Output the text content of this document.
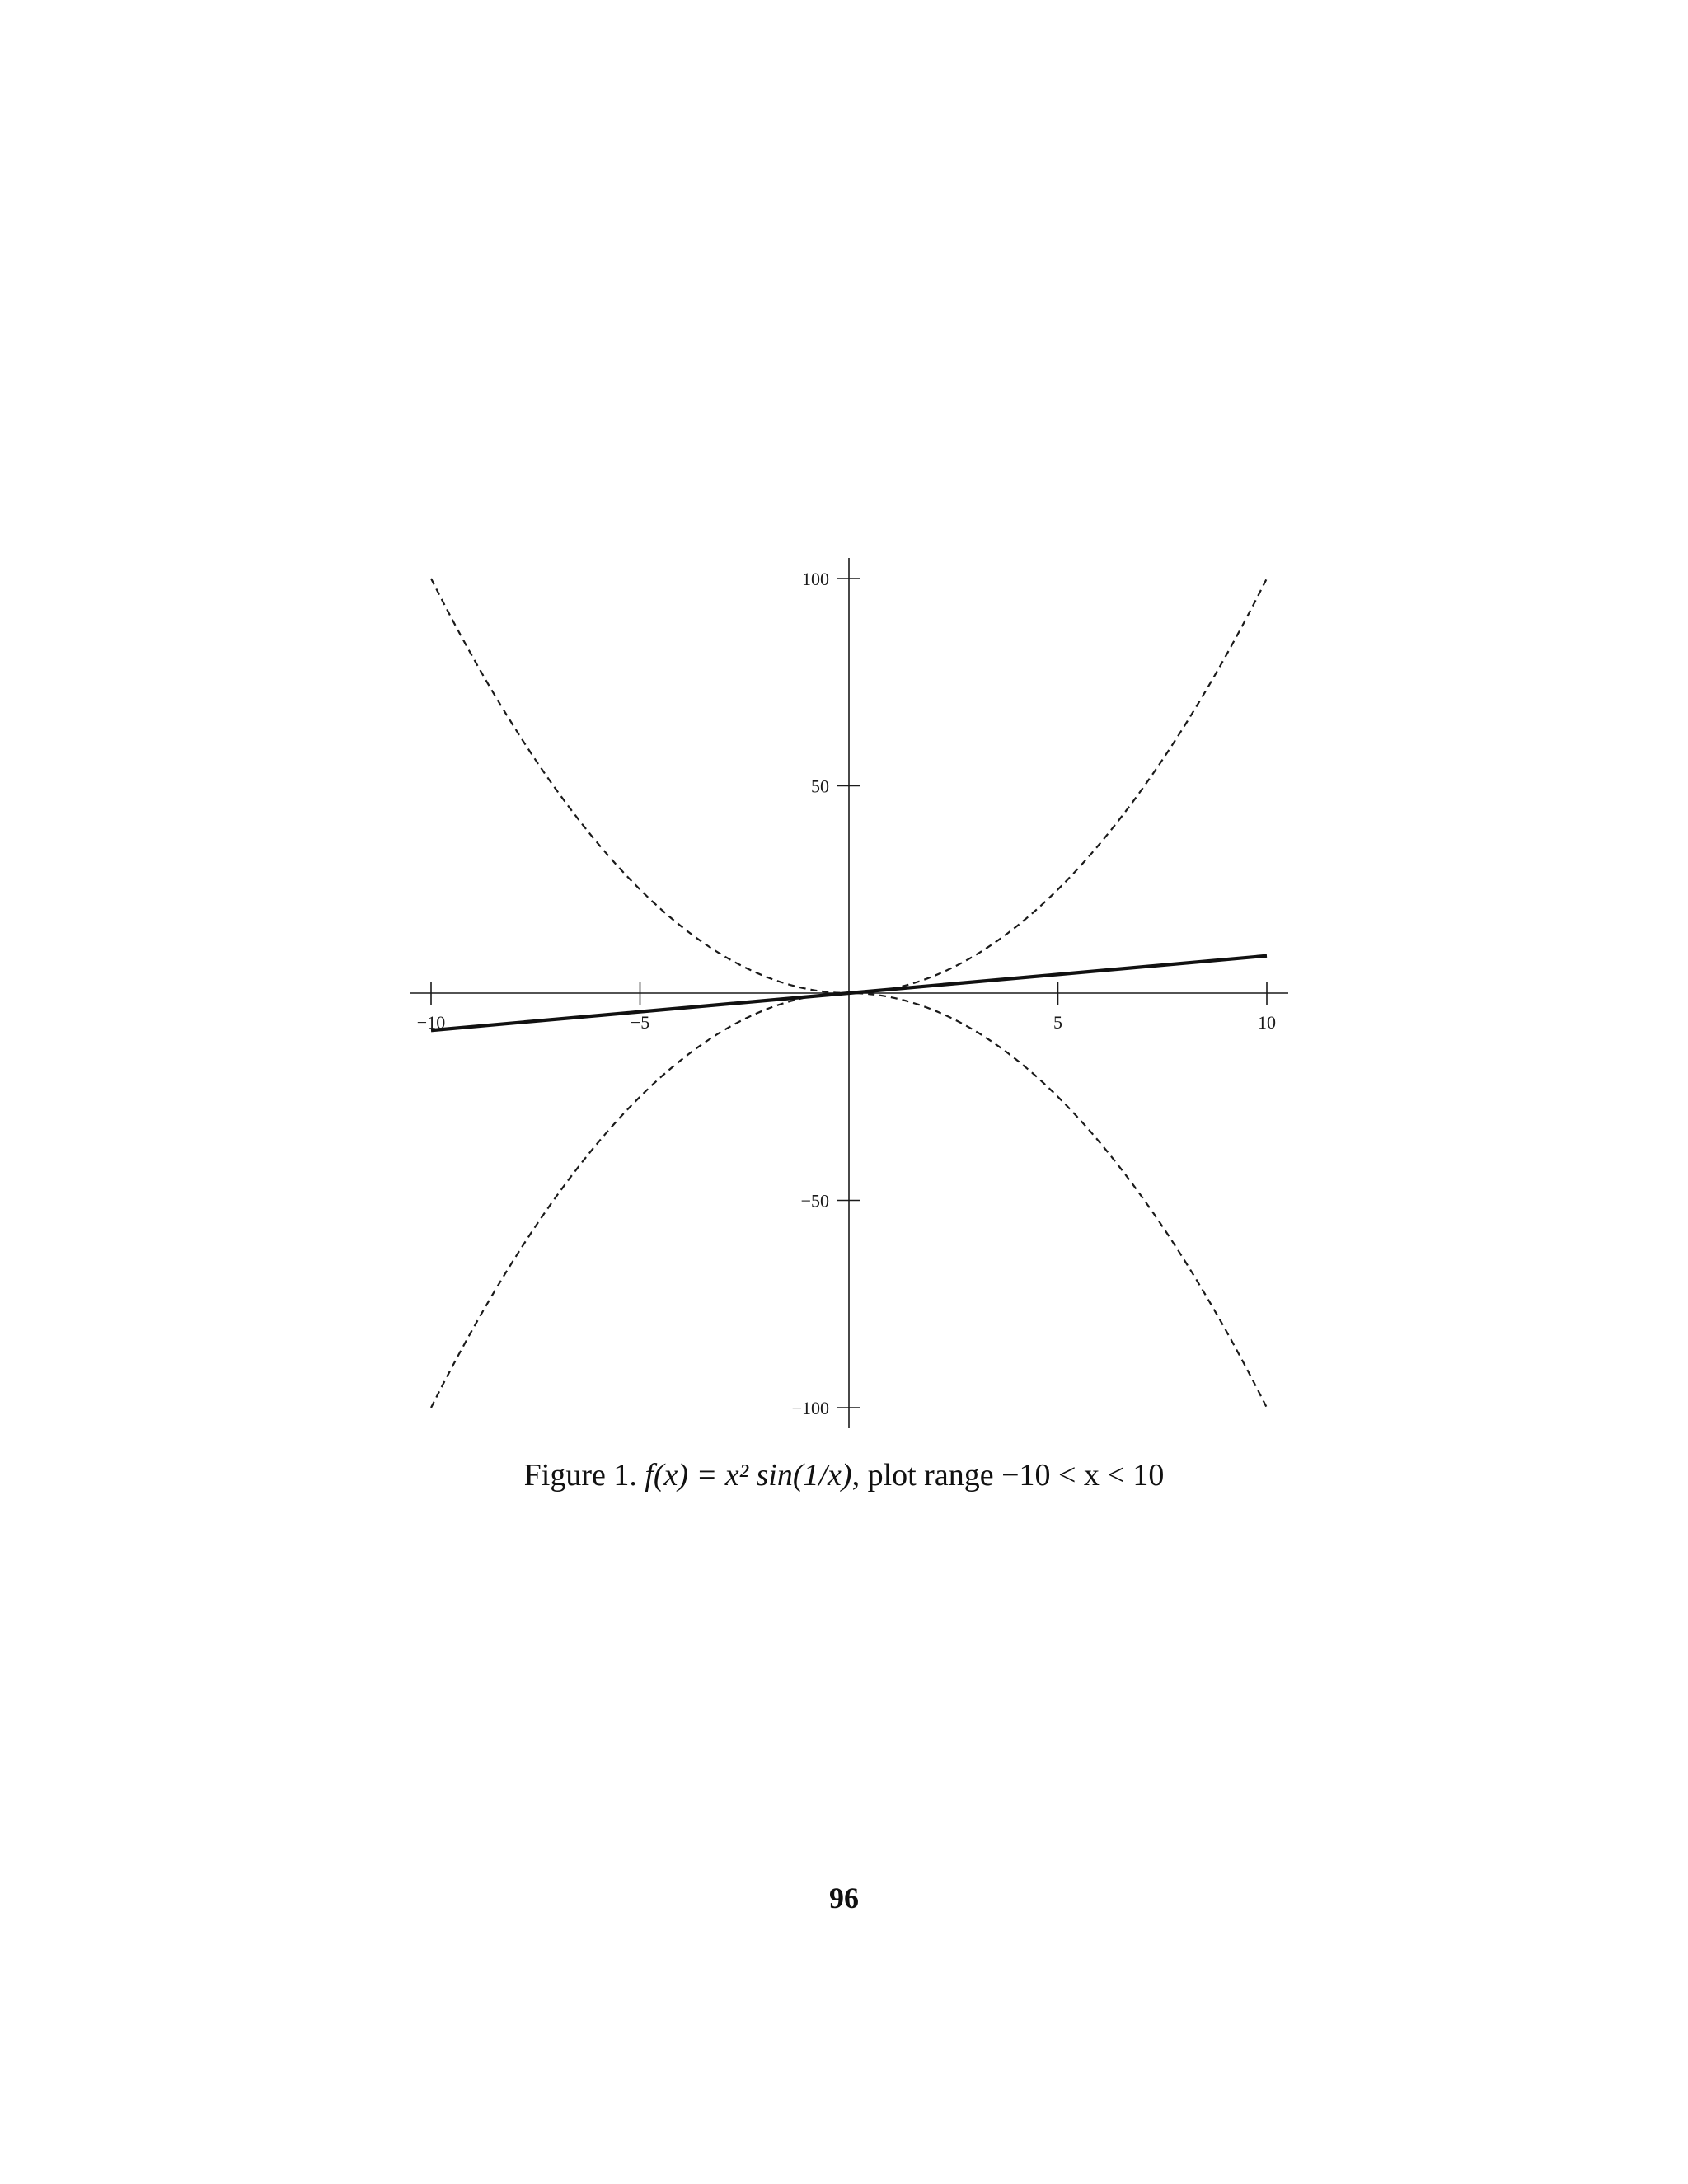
−10	−5	5	10
100
50
−50
−100
Figure 1. f(x) = x² sin(1/x), plot range −10 < x < 10
96
